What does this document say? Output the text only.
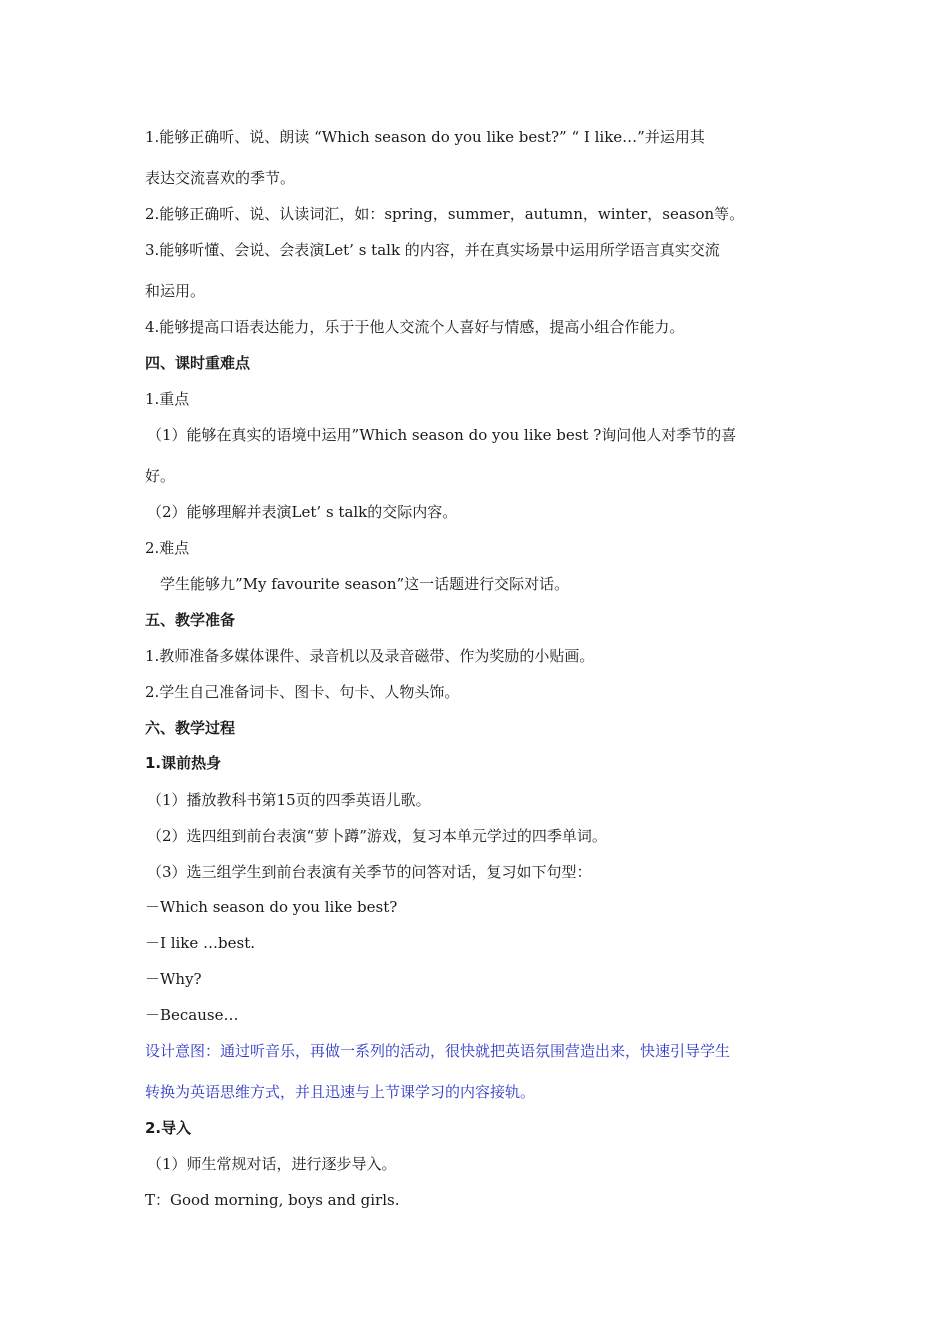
1.能够正确听、说、朗读 “Which season do you like best?” “ I like…”并运用其
表达交流喜欢的季节。
2.能够正确听、说、认读词汇，如：spring，summer，autumn，winter，season等。
3.能够听懂、会说、会表演Let’ s talk 的内容，并在真实场景中运用所学语言真实交流
和运用。
4.能够提高口语表达能力，乐于于他人交流个人喜好与情感，提高小组合作能力。
四、课时重难点
1.重点
（1）能够在真实的语境中运用”Which season do you like best ?询问他人对季节的喜
好。
（2）能够理解并表演Let’ s talk的交际内容。
2.难点
学生能够九”My favourite season”这一话题进行交际对话。
五、教学准备
1.教师准备多媒体课件、录音机以及录音磁带、作为奖励的小贴画。
2.学生自己准备词卡、图卡、句卡、人物头饰。
六、教学过程
1.课前热身
（1）播放教科书第15页的四季英语儿歌。
（2）选四组到前台表演“萝卜蹲”游戏，复习本单元学过的四季单词。
（3）选三组学生到前台表演有关季节的问答对话，复习如下句型：
－Which season do you like best?
－I like …best.
－Why?
－Because…
设计意图：通过听音乐，再做一系列的活动，很快就把英语氛围营造出来，快速引导学生
转换为英语思维方式，并且迅速与上节课学习的内容接轨。
2.导入
（1）师生常规对话，进行逐步导入。
T：Good morning, boys and girls.
